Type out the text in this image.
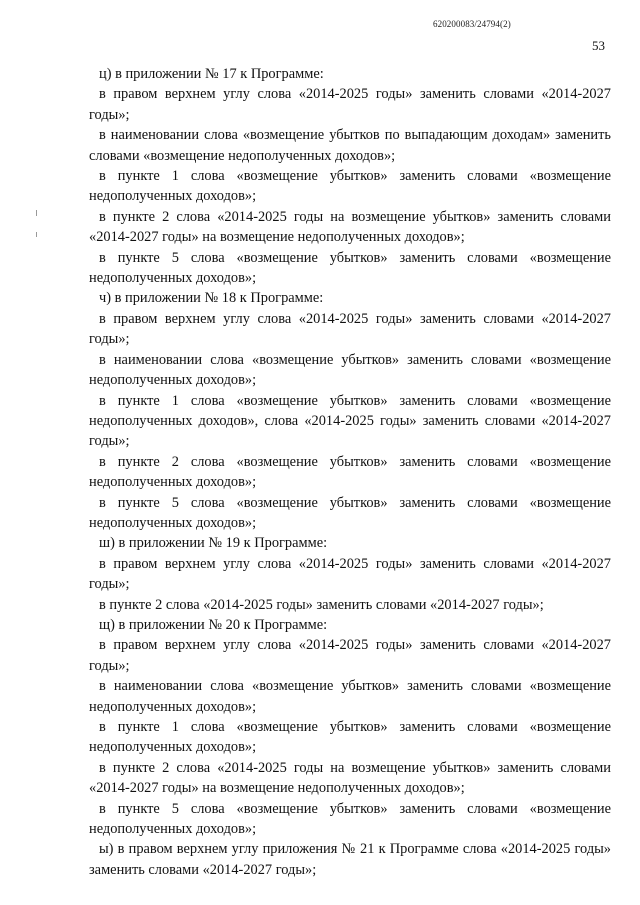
620200083/24794(2)
53

ц) в приложении № 17 к Программе:

в правом верхнем углу слова «2014-2025 годы» заменить словами «2014-2027 годы»;

в наименовании слова «возмещение убытков по выпадающим доходам» заменить словами «возмещение недополученных доходов»;

в пункте 1 слова «возмещение убытков» заменить словами «возмещение недополученных доходов»;

в пункте 2 слова «2014-2025 годы на возмещение убытков» заменить словами «2014-2027 годы» на возмещение недополученных доходов»;

в пункте 5 слова «возмещение убытков» заменить словами «возмещение недополученных доходов»;

ч) в приложении № 18 к Программе:

в правом верхнем углу слова «2014-2025 годы» заменить словами «2014-2027 годы»;

в наименовании слова «возмещение убытков» заменить словами «возмещение недополученных доходов»;

в пункте 1 слова «возмещение убытков» заменить словами «возмещение недополученных доходов», слова «2014-2025 годы» заменить словами «2014-2027 годы»;

в пункте 2 слова «возмещение убытков» заменить словами «возмещение недополученных доходов»;

в пункте 5 слова «возмещение убытков» заменить словами «возмещение недополученных доходов»;

ш) в приложении № 19 к Программе:

в правом верхнем углу слова «2014-2025 годы» заменить словами «2014-2027 годы»;

в пункте 2 слова «2014-2025 годы» заменить словами «2014-2027 годы»;

щ) в приложении № 20 к Программе:

в правом верхнем углу слова «2014-2025 годы» заменить словами «2014-2027 годы»;

в наименовании слова «возмещение убытков» заменить словами «возмещение недополученных доходов»;

в пункте 1 слова «возмещение убытков» заменить словами «возмещение недополученных доходов»;

в пункте 2 слова «2014-2025 годы на возмещение убытков» заменить словами «2014-2027 годы» на возмещение недополученных доходов»;

в пункте 5 слова «возмещение убытков» заменить словами «возмещение недополученных доходов»;

ы) в правом верхнем углу приложения № 21 к Программе слова «2014-2025 годы» заменить словами «2014-2027 годы»;
